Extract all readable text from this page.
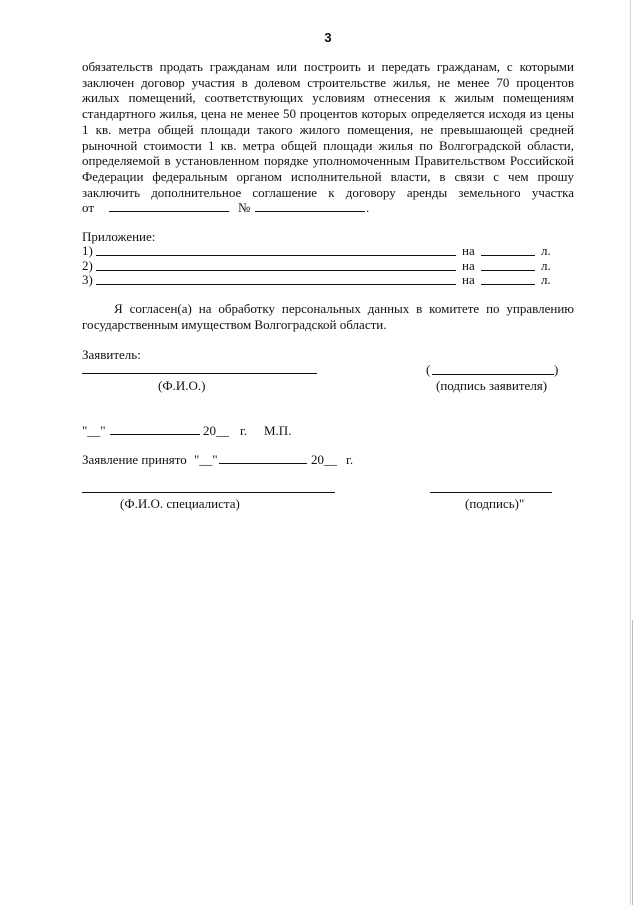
3
обязательств продать гражданам или построить и передать гражданам, с которыми
заключен договор участия в долевом строительстве жилья, не менее 70 процентов
жилых помещений, соответствующих условиям отнесения к жилым помещениям
стандартного жилья, цена не менее 50 процентов которых определяется исходя из цены
1 кв. метра общей площади такого жилого помещения, не превышающей средней
рыночной стоимости 1 кв. метра общей площади жилья по Волгоградской области,
определяемой в установленном порядке уполномоченным Правительством Российской
Федерации федеральным органом исполнительной власти, в связи с чем прошу
заключить дополнительное соглашение к договору аренды земельного участка
от	№	.
Приложение:
1)	на	л.
2)	на	л.
3)	на	л.
Я согласен(а) на обработку персональных данных в комитете по управлению
государственным имуществом Волгоградской области.
Заявитель:
(Ф.И.О.)
(	)
(подпись заявителя)
"__"	20__ г. М.П.
Заявление принято "__"	20__ г.
(Ф.И.О. специалиста)	(подпись)"
